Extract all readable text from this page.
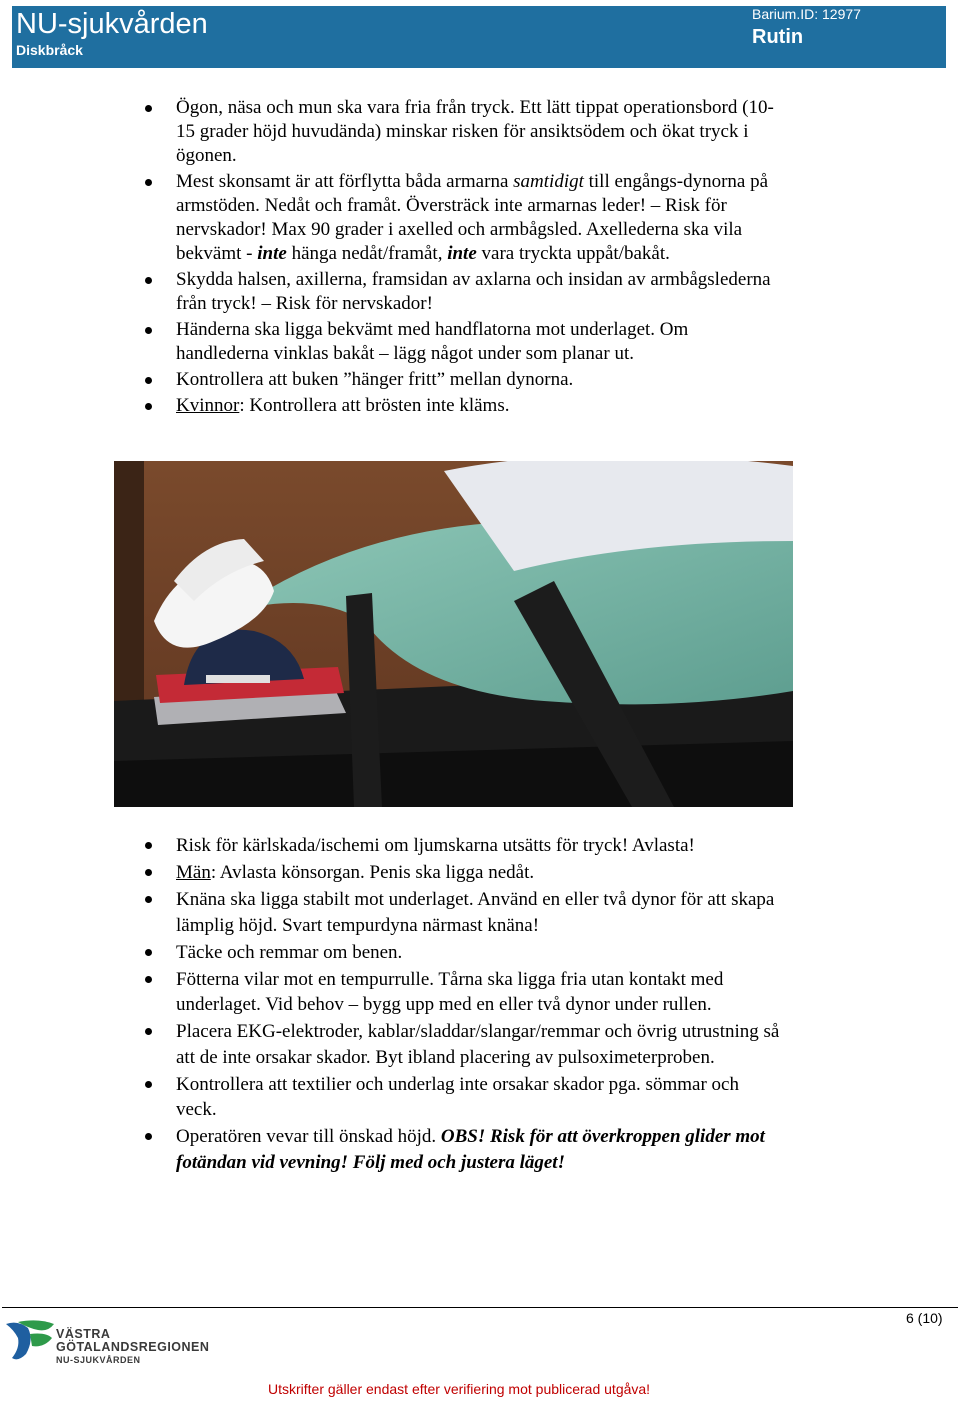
NU-sjukvården
Diskbråck
Barium.ID: 12977
Rutin
Ögon, näsa och mun ska vara fria från tryck. Ett lätt tippat operationsbord (10-15 grader höjd huvudända) minskar risken för ansiktsödem och ökat tryck i ögonen.
Mest skonsamt är att förflytta båda armarna samtidigt till engångs-dynorna på armstöden. Nedåt och framåt. Översträck inte armarnas leder! – Risk för nervskador! Max 90 grader i axelled och armbågsled. Axellederna ska vila bekvämt - inte hänga nedåt/framåt, inte vara tryckta uppåt/bakåt.
Skydda halsen, axillerna, framsidan av axlarna och insidan av armbågslederna från tryck! – Risk för nervskador!
Händerna ska ligga bekvämt med handflatorna mot underlaget. Om handlederna vinklas bakåt – lägg något under som planar ut.
Kontrollera att buken ”hänger fritt” mellan dynorna.
Kvinnor: Kontrollera att brösten inte kläms.
Risk för kärlskada/ischemi om ljumskarna utsätts för tryck! Avlasta!
Män: Avlasta könsorgan. Penis ska ligga nedåt.
Knäna ska ligga stabilt mot underlaget. Använd en eller två dynor för att skapa lämplig höjd. Svart tempurdyna närmast knäna!
Täcke och remmar om benen.
Fötterna vilar mot en tempurrulle. Tårna ska ligga fria utan kontakt med underlaget. Vid behov – bygg upp med en eller två dynor under rullen.
Placera EKG-elektroder, kablar/sladdar/slangar/remmar och övrig utrustning så att de inte orsakar skador. Byt ibland placering av pulsoximeterproben.
Kontrollera att textilier och underlag inte orsakar skador pga. sömmar och veck.
Operatören vevar till önskad höjd. OBS! Risk för att överkroppen glider mot fotändan vid vevning! Följ med och justera läget!
6 (10)
VÄSTRA
GÖTALANDSREGIONEN
NU-SJUKVÅRDEN
Utskrifter gäller endast efter verifiering mot publicerad utgåva!
